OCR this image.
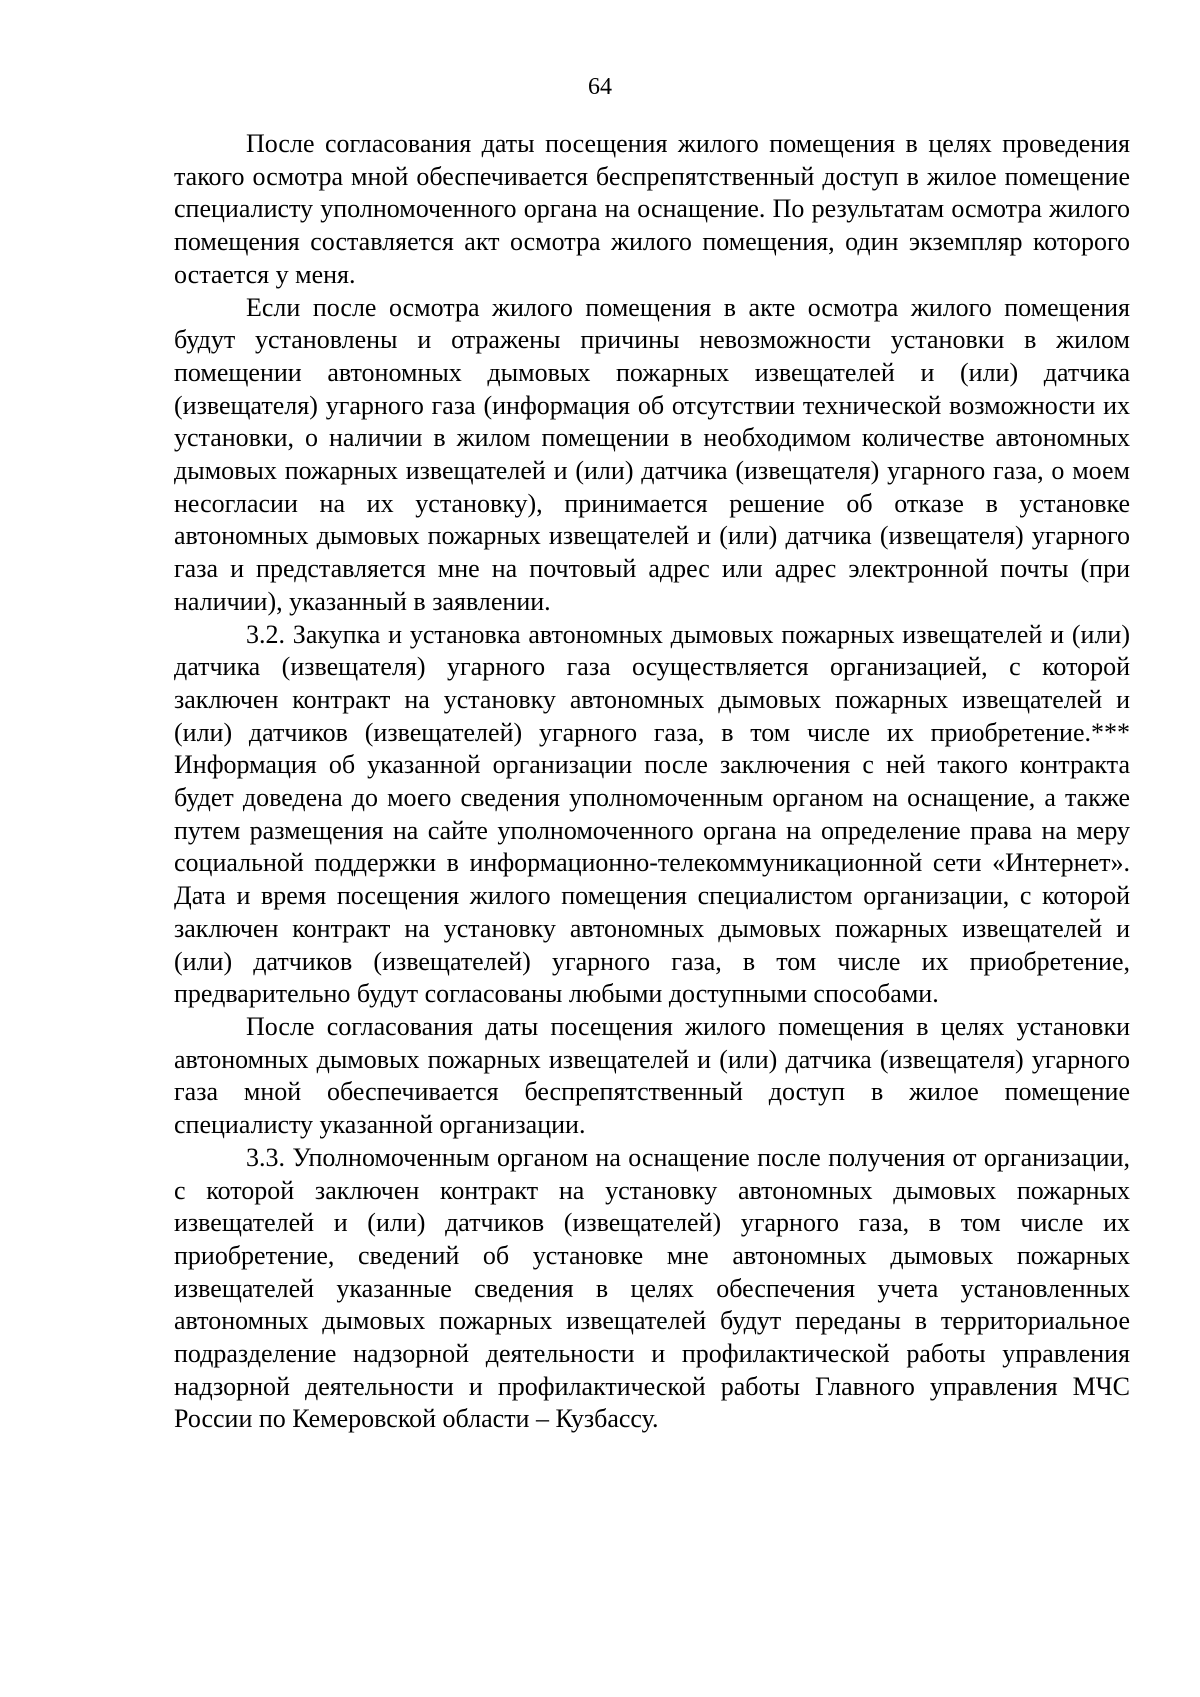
64

После согласования даты посещения жилого помещения в целях проведения такого осмотра мной обеспечивается беспрепятственный доступ в жилое помещение специалисту уполномоченного органа на оснащение. По результатам осмотра жилого помещения составляется акт осмотра жилого помещения, один экземпляр которого остается у меня.

Если после осмотра жилого помещения в акте осмотра жилого помещения будут установлены и отражены причины невозможности установки в жилом помещении автономных дымовых пожарных извещателей и (или) датчика (извещателя) угарного газа (информация об отсутствии технической возможности их установки, о наличии в жилом помещении в необходимом количестве автономных дымовых пожарных извещателей и (или) датчика (извещателя) угарного газа, о моем несогласии на их установку), принимается решение об отказе в установке автономных дымовых пожарных извещателей и (или) датчика (извещателя) угарного газа и представляется мне на почтовый адрес или адрес электронной почты (при наличии), указанный в заявлении.

3.2. Закупка и установка автономных дымовых пожарных извещателей и (или) датчика (извещателя) угарного газа осуществляется организацией, с которой заключен контракт на установку автономных дымовых пожарных извещателей и (или) датчиков (извещателей) угарного газа, в том числе их приобретение.*** Информация об указанной организации после заключения с ней такого контракта будет доведена до моего сведения уполномоченным органом на оснащение, а также путем размещения на сайте уполномоченного органа на определение права на меру социальной поддержки в информационно-телекоммуникационной сети «Интернет». Дата и время посещения жилого помещения специалистом организации, с которой заключен контракт на установку автономных дымовых пожарных извещателей и (или) датчиков (извещателей) угарного газа, в том числе их приобретение, предварительно будут согласованы любыми доступными способами.

После согласования даты посещения жилого помещения в целях установки автономных дымовых пожарных извещателей и (или) датчика (извещателя) угарного газа мной обеспечивается беспрепятственный доступ в жилое помещение специалисту указанной организации.

3.3. Уполномоченным органом на оснащение после получения от организации, с которой заключен контракт на установку автономных дымовых пожарных извещателей и (или) датчиков (извещателей) угарного газа, в том числе их приобретение, сведений об установке мне автономных дымовых пожарных извещателей указанные сведения в целях обеспечения учета установленных автономных дымовых пожарных извещателей будут переданы в территориальное подразделение надзорной деятельности и профилактической работы управления надзорной деятельности и профилактической работы Главного управления МЧС России по Кемеровской области – Кузбассу.
